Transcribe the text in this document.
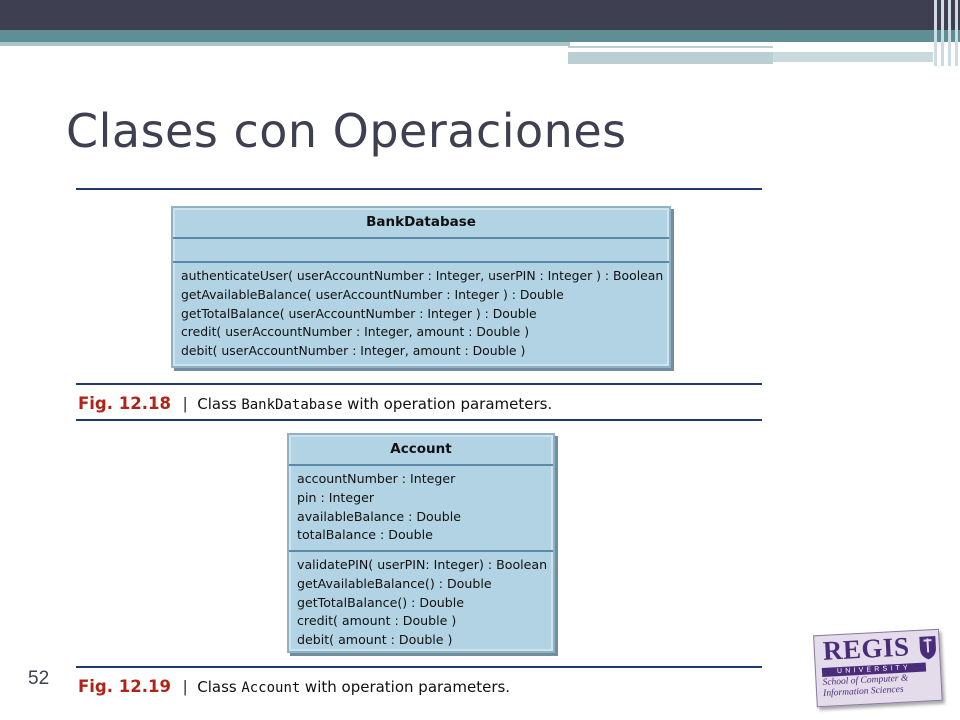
Clases con Operaciones
BankDatabase
authenticateUser( userAccountNumber : Integer, userPIN : Integer ) : Boolean
getAvailableBalance( userAccountNumber : Integer ) : Double
getTotalBalance( userAccountNumber : Integer ) : Double
credit( userAccountNumber : Integer, amount : Double )
debit( userAccountNumber : Integer, amount : Double )
Fig. 12.18 | Class BankDatabase with operation parameters.
Account
accountNumber : Integer
pin : Integer
availableBalance : Double
totalBalance : Double
validatePIN( userPIN: Integer) : Boolean
getAvailableBalance() : Double
getTotalBalance() : Double
credit( amount : Double )
debit( amount : Double )
Fig. 12.19 | Class Account with operation parameters.
52
REGIS
UNIVERSITY
School of Computer &
Information Sciences
